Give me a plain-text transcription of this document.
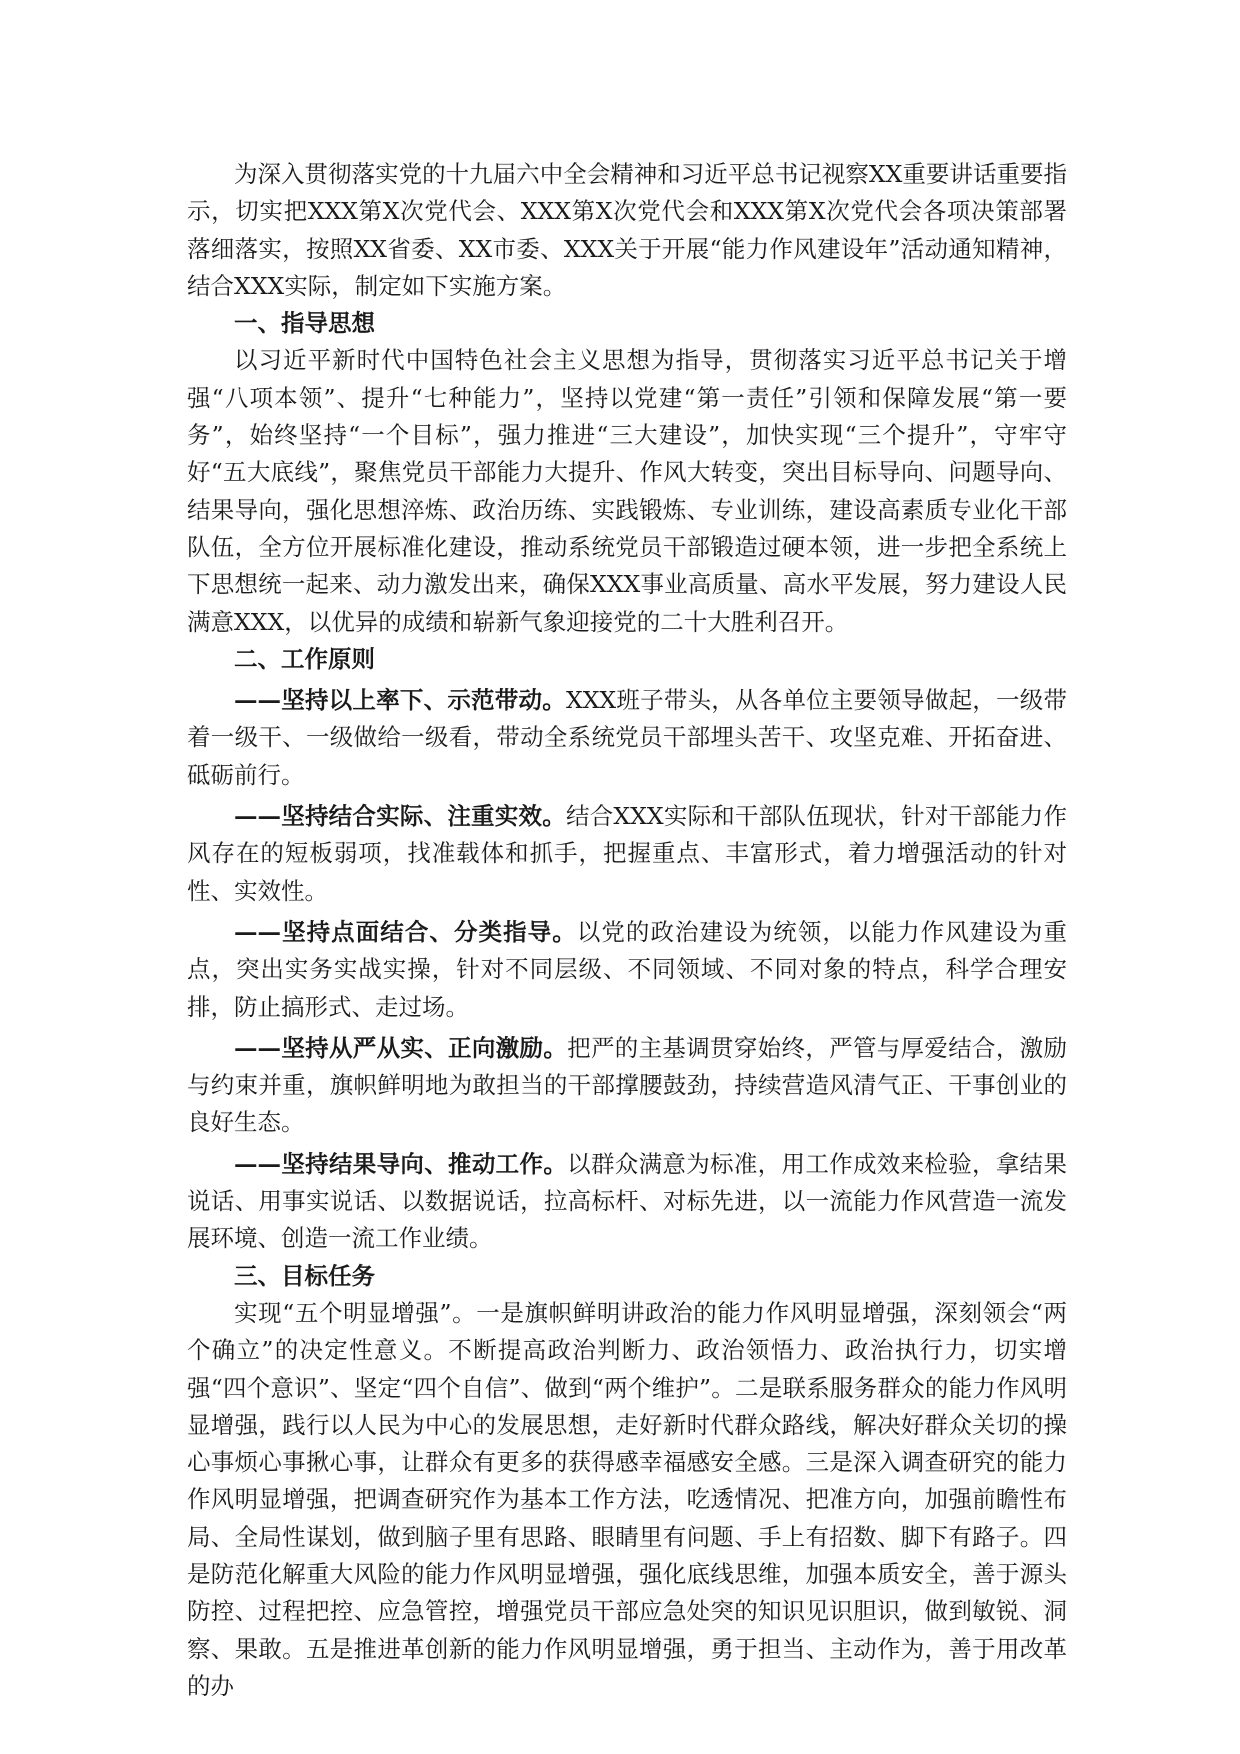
为深入贯彻落实党的十九届六中全会精神和习近平总书记视察XX重要讲话重要指示，切实把XXX第X次党代会、XXX第X次党代会和XXX第X次党代会各项决策部署落细落实，按照XX省委、XX市委、XXX关于开展“能力作风建设年”活动通知精神，结合XXX实际，制定如下实施方案。

一、指导思想

以习近平新时代中国特色社会主义思想为指导，贯彻落实习近平总书记关于增强“八项本领”、提升“七种能力”，坚持以党建“第一责任”引领和保障发展“第一要务”，始终坚持“一个目标”，强力推进“三大建设”，加快实现“三个提升”，守牢守好“五大底线”，聚焦党员干部能力大提升、作风大转变，突出目标导向、问题导向、结果导向，强化思想淬炼、政治历练、实践锻炼、专业训练，建设高素质专业化干部队伍，全方位开展标准化建设，推动系统党员干部锻造过硬本领，进一步把全系统上下思想统一起来、动力激发出来，确保XXX事业高质量、高水平发展，努力建设人民满意XXX，以优异的成绩和崭新气象迎接党的二十大胜利召开。

二、工作原则

——坚持以上率下、示范带动。XXX班子带头，从各单位主要领导做起，一级带着一级干、一级做给一级看，带动全系统党员干部埋头苦干、攻坚克难、开拓奋进、砥砺前行。

——坚持结合实际、注重实效。结合XXX实际和干部队伍现状，针对干部能力作风存在的短板弱项，找准载体和抓手，把握重点、丰富形式，着力增强活动的针对性、实效性。

——坚持点面结合、分类指导。以党的政治建设为统领，以能力作风建设为重点，突出实务实战实操，针对不同层级、不同领域、不同对象的特点，科学合理安排，防止搞形式、走过场。

——坚持从严从实、正向激励。把严的主基调贯穿始终，严管与厚爱结合，激励与约束并重，旗帜鲜明地为敢担当的干部撑腰鼓劲，持续营造风清气正、干事创业的良好生态。

——坚持结果导向、推动工作。以群众满意为标准，用工作成效来检验，拿结果说话、用事实说话、以数据说话，拉高标杆、对标先进，以一流能力作风营造一流发展环境、创造一流工作业绩。

三、目标任务

实现“五个明显增强”。一是旗帜鲜明讲政治的能力作风明显增强，深刻领会“两个确立”的决定性意义。不断提高政治判断力、政治领悟力、政治执行力，切实增强“四个意识”、坚定“四个自信”、做到“两个维护”。二是联系服务群众的能力作风明显增强，践行以人民为中心的发展思想，走好新时代群众路线，解决好群众关切的操心事烦心事揪心事，让群众有更多的获得感幸福感安全感。三是深入调查研究的能力作风明显增强，把调查研究作为基本工作方法，吃透情况、把准方向，加强前瞻性布局、全局性谋划，做到脑子里有思路、眼睛里有问题、手上有招数、脚下有路子。四是防范化解重大风险的能力作风明显增强，强化底线思维，加强本质安全，善于源头防控、过程把控、应急管控，增强党员干部应急处突的知识见识胆识，做到敏锐、洞察、果敢。五是推进革创新的能力作风明显增强，勇于担当、主动作为，善于用改革的办
